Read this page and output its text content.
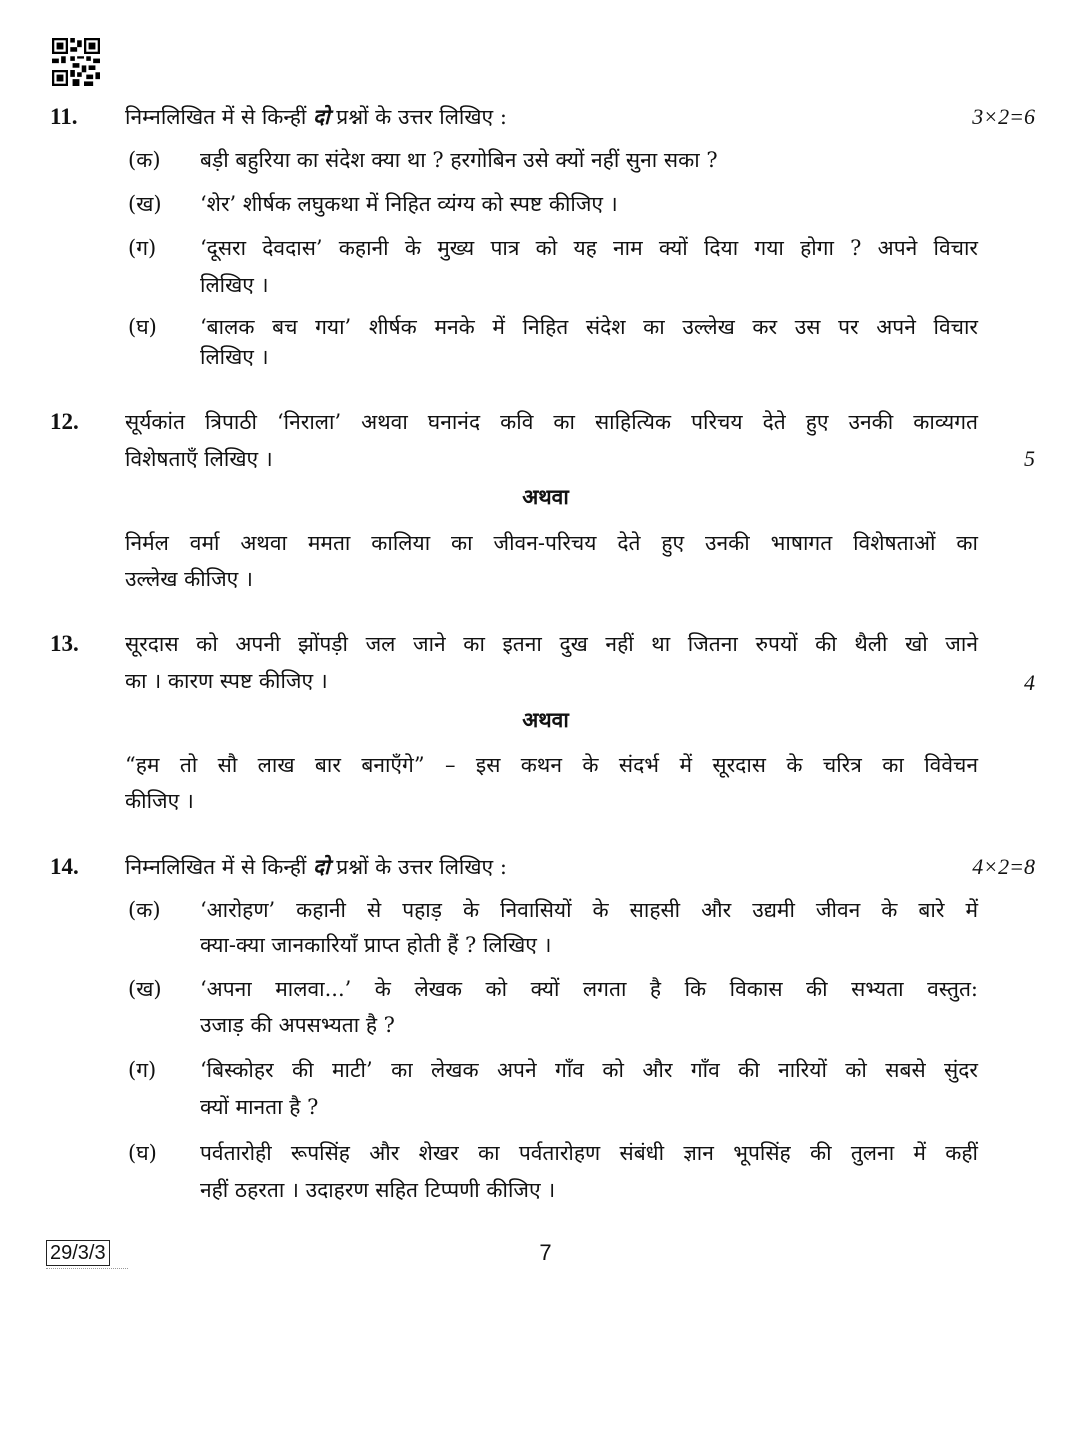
11. निम्नलिखित में से किन्हीं दो प्रश्नों के उत्तर लिखिए :	3×2=6
(क) बड़ी बहुरिया का संदेश क्या था ? हरगोबिन उसे क्यों नहीं सुना सका ?
(ख) ‘शेर’ शीर्षक लघुकथा में निहित व्यंग्य को स्पष्ट कीजिए ।
(ग) ‘दूसरा देवदास’ कहानी के मुख्य पात्र को यह नाम क्यों दिया गया होगा ? अपने विचार
लिखिए ।
(घ) ‘बालक बच गया’ शीर्षक मनके में निहित संदेश का उल्लेख कर उस पर अपने विचार
लिखिए ।
12. सूर्यकांत त्रिपाठी ‘निराला’ अथवा घनानंद कवि का साहित्यिक परिचय देते हुए उनकी काव्यगत
विशेषताएँ लिखिए ।	5
अथवा
निर्मल वर्मा अथवा ममता कालिया का जीवन-परिचय देते हुए उनकी भाषागत विशेषताओं का
उल्लेख कीजिए ।
13. सूरदास को अपनी झोंपड़ी जल जाने का इतना दुख नहीं था जितना रुपयों की थैली खो जाने
का । कारण स्पष्ट कीजिए ।	4
अथवा
“हम तो सौ लाख बार बनाएँगे” – इस कथन के संदर्भ में सूरदास के चरित्र का विवेचन
कीजिए ।
14. निम्नलिखित में से किन्हीं दो प्रश्नों के उत्तर लिखिए :	4×2=8
(क) ‘आरोहण’ कहानी से पहाड़ के निवासियों के साहसी और उद्यमी जीवन के बारे में
क्या-क्या जानकारियाँ प्राप्त होती हैं ? लिखिए ।
(ख) ‘अपना मालवा...’ के लेखक को क्यों लगता है कि विकास की सभ्यता वस्तुत:
उजाड़ की अपसभ्यता है ?
(ग) ‘बिस्कोहर की माटी’ का लेखक अपने गाँव को और गाँव की नारियों को सबसे सुंदर
क्यों मानता है ?
(घ) पर्वतारोही रूपसिंह और शेखर का पर्वतारोहण संबंधी ज्ञान भूपसिंह की तुलना में कहीं
नहीं ठहरता । उदाहरण सहित टिप्पणी कीजिए ।
29/3/3	7
